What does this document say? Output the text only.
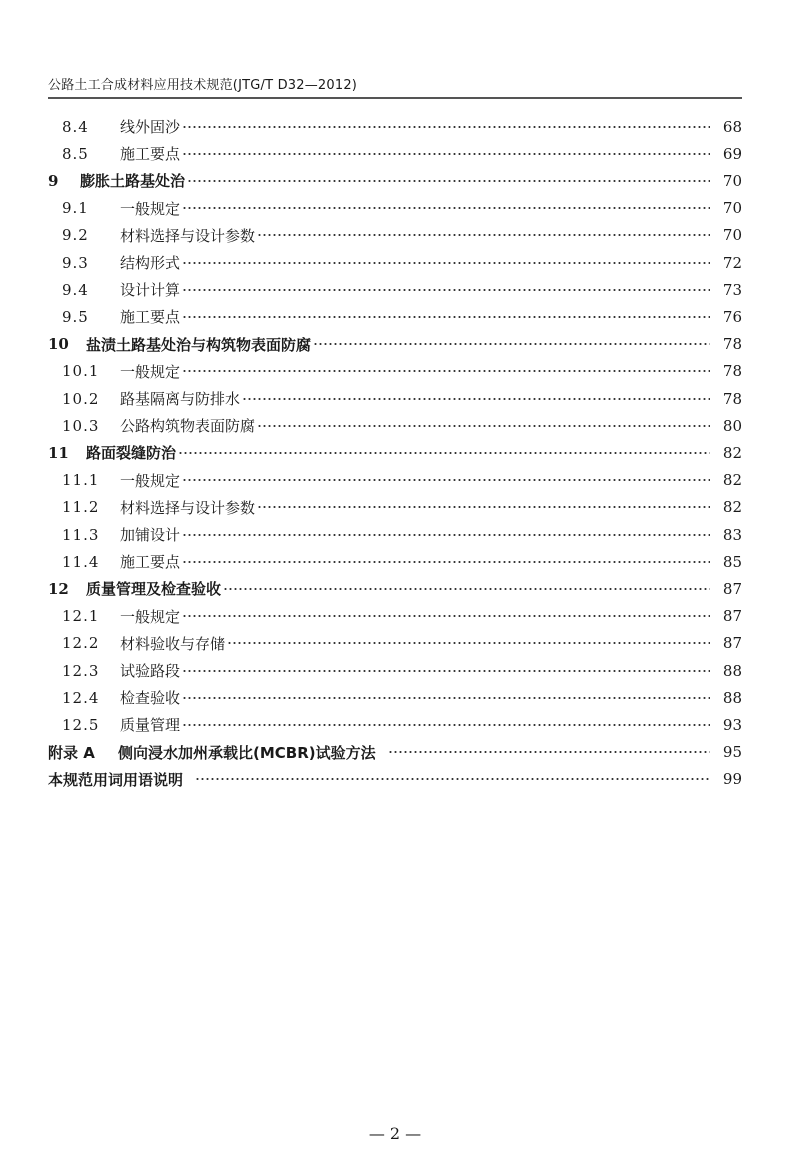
公路土工合成材料应用技术规范(JTG/T D32—2012)
8.4	线外固沙	68
8.5	施工要点	69
9	膨胀土路基处治	70
9.1	一般规定	70
9.2	材料选择与设计参数	70
9.3	结构形式	72
9.4	设计计算	73
9.5	施工要点	76
10	盐渍土路基处治与构筑物表面防腐	78
10.1	一般规定	78
10.2	路基隔离与防排水	78
10.3	公路构筑物表面防腐	80
11	路面裂缝防治	82
11.1	一般规定	82
11.2	材料选择与设计参数	82
11.3	加铺设计	83
11.4	施工要点	85
12	质量管理及检查验收	87
12.1	一般规定	87
12.2	材料验收与存储	87
12.3	试验路段	88
12.4	检查验收	88
12.5	质量管理	93
附录 A	侧向浸水加州承载比(MCBR)试验方法	95
本规范用词用语说明	99
— 2 —
